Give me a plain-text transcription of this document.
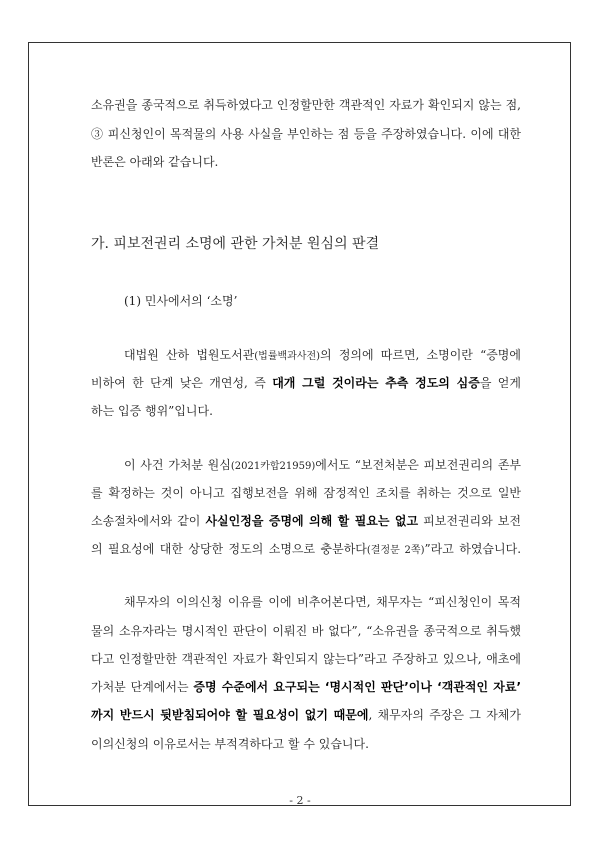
소유권을 종국적으로 취득하였다고 인정할만한 객관적인 자료가 확인되지 않는 점,
③ 피신청인이 목적물의 사용 사실을 부인하는 점 등을 주장하였습니다. 이에 대한
반론은 아래와 같습니다.
가. 피보전권리 소명에 관한 가처분 원심의 판결
(1) 민사에서의 ‘소명’
대법원 산하 법원도서관(법률백과사전)의 정의에 따르면, 소명이란 “증명에
비하여 한 단계 낮은 개연성, 즉 대개 그럴 것이라는 추측 정도의 심증을 얻게
하는 입증 행위”입니다.
이 사건 가처분 원심(2021카합21959)에서도 “보전처분은 피보전권리의 존부
를 확정하는 것이 아니고 집행보전을 위해 잠정적인 조치를 취하는 것으로 일반
소송절차에서와 같이 사실인정을 증명에 의해 할 필요는 없고 피보전권리와 보전
의 필요성에 대한 상당한 정도의 소명으로 충분하다(결정문 2쪽)”라고 하였습니다.
채무자의 이의신청 이유를 이에 비추어본다면, 채무자는 “피신청인이 목적
물의 소유자라는 명시적인 판단이 이뤄진 바 없다”, “소유권을 종국적으로 취득했
다고 인정할만한 객관적인 자료가 확인되지 않는다”라고 주장하고 있으나, 애초에
가처분 단계에서는 증명 수준에서 요구되는 ‘명시적인 판단’이나 ‘객관적인 자료’
까지 반드시 뒷받침되어야 할 필요성이 없기 때문에, 채무자의 주장은 그 자체가
이의신청의 이유로서는 부적격하다고 할 수 있습니다.
- 2 -
